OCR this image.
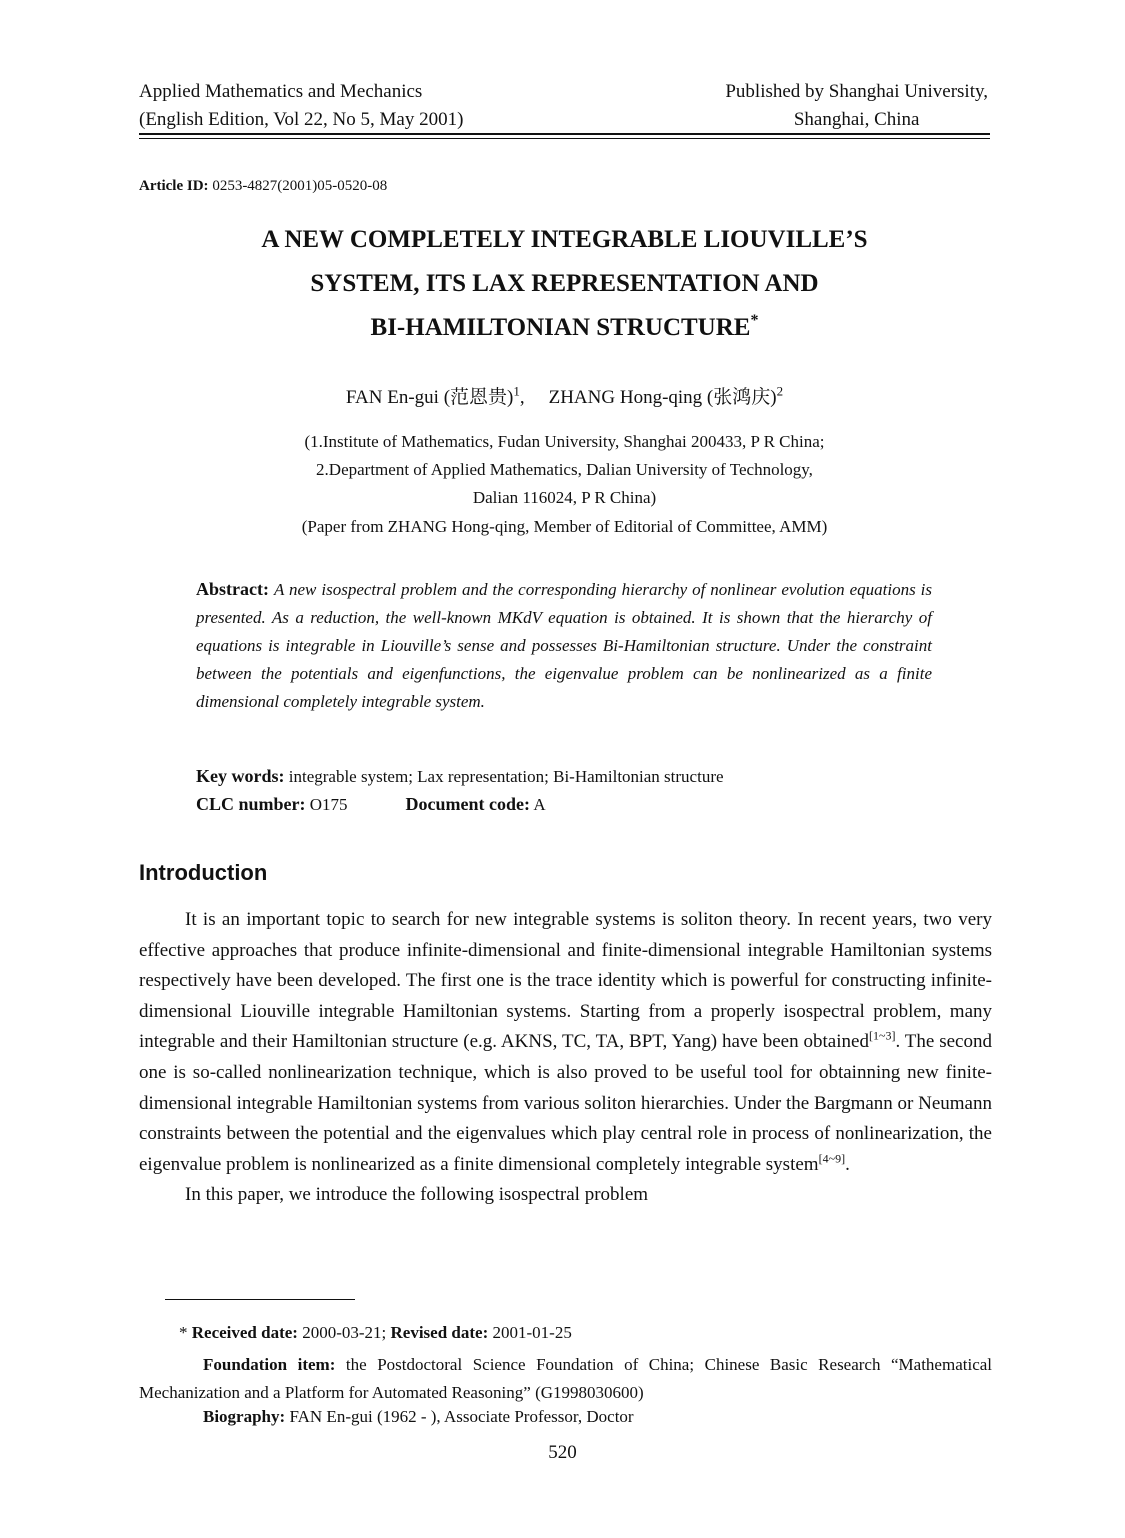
Applied Mathematics and Mechanics
(English Edition, Vol 22, No 5, May 2001)
Published by Shanghai University,
Shanghai, China
Article ID: 0253-4827(2001)05-0520-08
A NEW COMPLETELY INTEGRABLE LIOUVILLE’S
SYSTEM, ITS LAX REPRESENTATION AND
BI-HAMILTONIAN STRUCTURE*
FAN En-gui (范恩贵)$^1$, ZHANG Hong-qing (张鸿庆)$^2$
(1.Institute of Mathematics, Fudan University, Shanghai 200433, P R China;
2.Department of Applied Mathematics, Dalian University of Technology,
Dalian 116024, P R China)
(Paper from ZHANG Hong-qing, Member of Editorial of Committee, AMM)
Abstract: A new isospectral problem and the corresponding hierarchy of nonlinear evolution equations is presented. As a reduction, the well-known MKdV equation is obtained. It is shown that the hierarchy of equations is integrable in Liouville’s sense and possesses Bi-Hamiltonian structure. Under the constraint between the potentials and eigenfunctions, the eigenvalue problem can be nonlinearized as a finite dimensional completely integrable system.
Key words: integrable system; Lax representation; Bi-Hamiltonian structure
CLC number: O175	Document code: A
Introduction

It is an important topic to search for new integrable systems is soliton theory. In recent years, two very effective approaches that produce infinite-dimensional and finite-dimensional integrable Hamiltonian systems respectively have been developed. The first one is the trace identity which is powerful for constructing infinite-dimensional Liouville integrable Hamiltonian systems. Starting from a properly isospectral problem, many integrable and their Hamiltonian structure (e.g. AKNS, TC, TA, BPT, Yang) have been obtained[1~3]. The second one is so-called nonlinearization technique, which is also proved to be useful tool for obtainning new finite-dimensional integrable Hamiltonian systems from various soliton hierarchies. Under the Bargmann or Neumann constraints between the potential and the eigenvalues which play central role in process of nonlinearization, the eigenvalue problem is nonlinearized as a finite dimensional completely integrable system[4~9].

In this paper, we introduce the following isospectral problem

* Received date: 2000-03-21; Revised date: 2001-01-25
Foundation item: the Postdoctoral Science Foundation of China; Chinese Basic Research “Mathematical Mechanization and a Platform for Automated Reasoning” (G1998030600)
Biography: FAN En-gui (1962 - ), Associate Professor, Doctor
520
